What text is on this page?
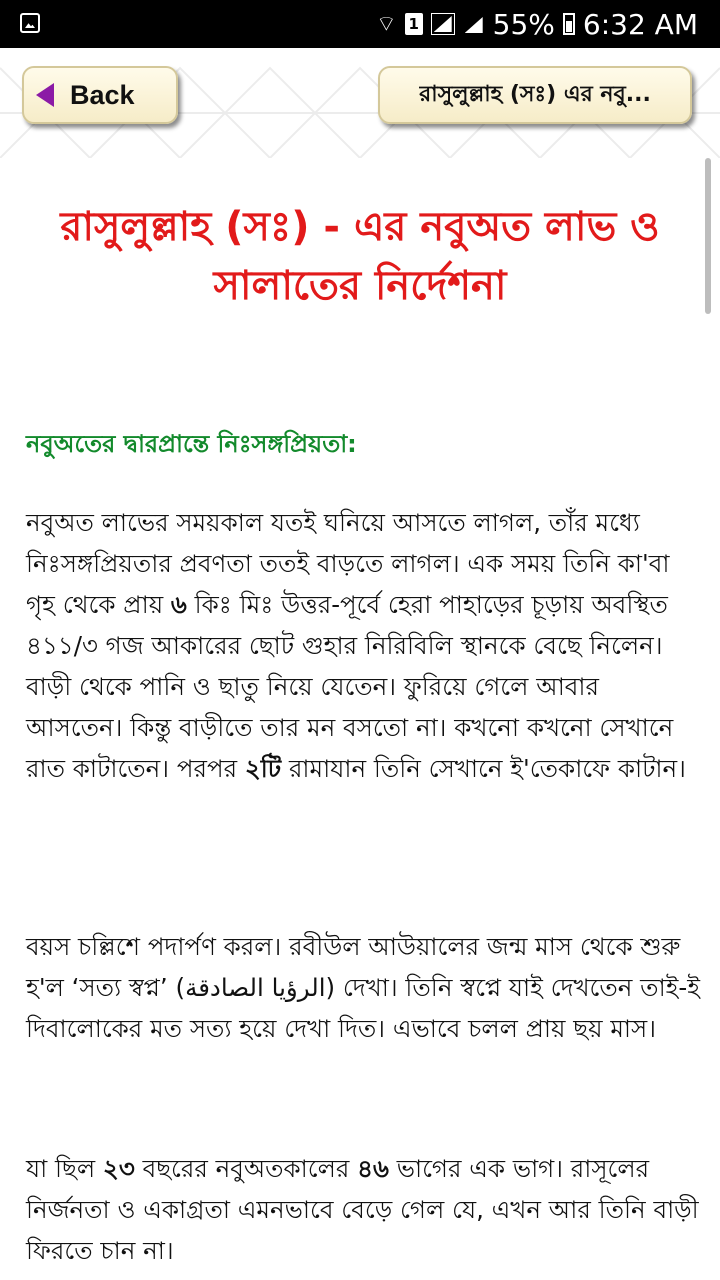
⌔ 1	55% 6:32 AM
Back	রাসুলুল্লাহ (সঃ) এর নবু...
রাসুলুল্লাহ (সঃ) - এর নবুঅত লাভ ও সালাতের নির্দেশনা
নবুঅতের দ্বারপ্রান্তে নিঃসঙ্গপ্রিয়তা:
নবুঅত লাভের সময়কাল যতই ঘনিয়ে আসতে লাগল, তাঁর মধ্যে নিঃসঙ্গপ্রিয়তার প্রবণতা ততই বাড়তে লাগল। এক সময় তিনি কা'বা গৃহ থেকে প্রায় ৬ কিঃ মিঃ উত্তর-পূর্বে হেরা পাহাড়ের চূড়ায় অবস্থিত ৪১১/৩ গজ আকারের ছোট গুহার নিরিবিলি স্থানকে বেছে নিলেন। বাড়ী থেকে পানি ও ছাতু নিয়ে যেতেন। ফুরিয়ে গেলে আবার আসতেন। কিন্তু বাড়ীতে তার মন বসতো না। কখনো কখনো সেখানে রাত কাটাতেন। পরপর ২টি রামাযান তিনি সেখানে ই'তেকাফে কাটান।
বয়স চল্লিশে পদার্পণ করল। রবীউল আউয়ালের জন্ম মাস থেকে শুরু হ'ল ‘সত্য স্বপ্ন’ (الرؤيا الصادقة) দেখা। তিনি স্বপ্নে যাই দেখতেন তাই-ই দিবালোকের মত সত্য হয়ে দেখা দিত। এভাবে চলল প্রায় ছয় মাস।
যা ছিল ২৩ বছরের নবুঅতকালের ৪৬ ভাগের এক ভাগ। রাসূলের নির্জনতা ও একাগ্রতা এমনভাবে বেড়ে গেল যে, এখন আর তিনি বাড়ী ফিরতে চান না।
